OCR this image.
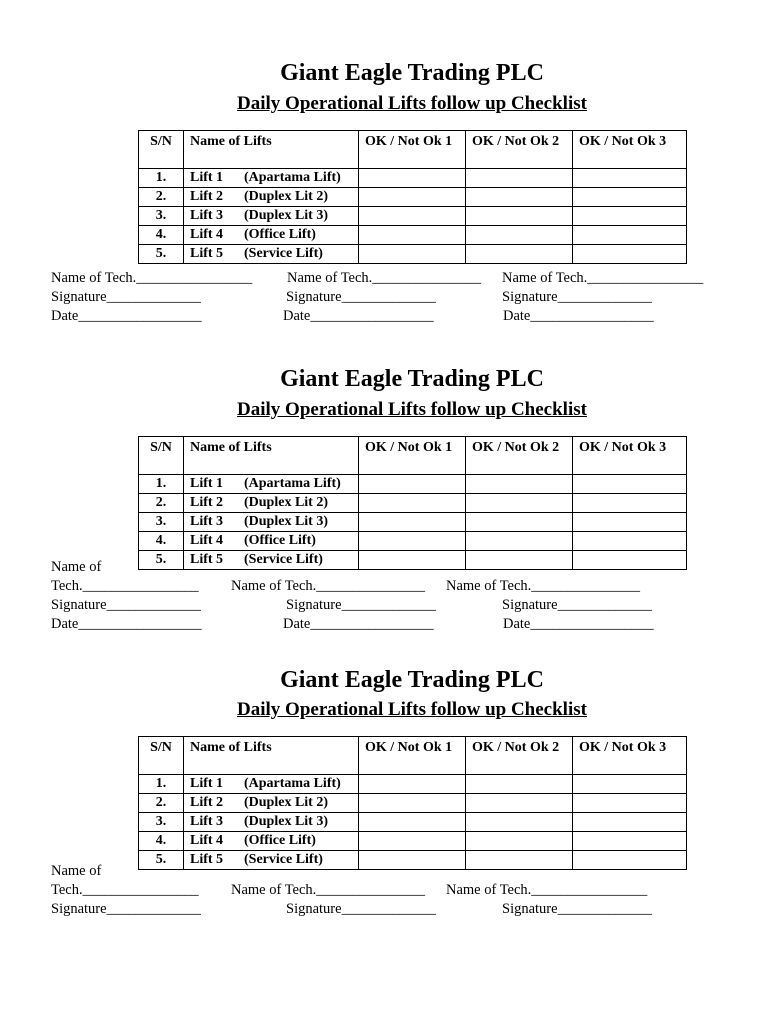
Giant Eagle Trading PLC
Daily Operational Lifts follow up Checklist
S/N	Name of Lifts	OK / Not Ok 1	OK / Not Ok 2	OK / Not Ok 3
1.	Lift 1 (Apartama Lift)			
2.	Lift 2 (Duplex Lit 2)			
3.	Lift 3 (Duplex Lit 3)			
4.	Lift 4 (Office Lift)			
5.	Lift 5 (Service Lift)			
Name of Tech.________________ Name of Tech._______________ Name of Tech.________________
Signature_____________	Signature_____________	Signature_____________
Date_________________	Date_________________	Date_________________
Giant Eagle Trading PLC
Daily Operational Lifts follow up Checklist
S/N	Name of Lifts	OK / Not Ok 1	OK / Not Ok 2	OK / Not Ok 3
1.	Lift 1 (Apartama Lift)			
2.	Lift 2 (Duplex Lit 2)			
3.	Lift 3 (Duplex Lit 3)			
4.	Lift 4 (Office Lift)			
5.	Lift 5 (Service Lift)			
Name of
Tech.________________ Name of Tech._______________ Name of Tech._______________
Signature_____________	Signature_____________	Signature_____________
Date_________________	Date_________________	Date_________________
Giant Eagle Trading PLC
Daily Operational Lifts follow up Checklist
S/N	Name of Lifts	OK / Not Ok 1	OK / Not Ok 2	OK / Not Ok 3
1.	Lift 1 (Apartama Lift)			
2.	Lift 2 (Duplex Lit 2)			
3.	Lift 3 (Duplex Lit 3)			
4.	Lift 4 (Office Lift)			
5.	Lift 5 (Service Lift)			
Name of
Tech.________________ Name of Tech._______________ Name of Tech.________________
Signature_____________	Signature_____________	Signature_____________
